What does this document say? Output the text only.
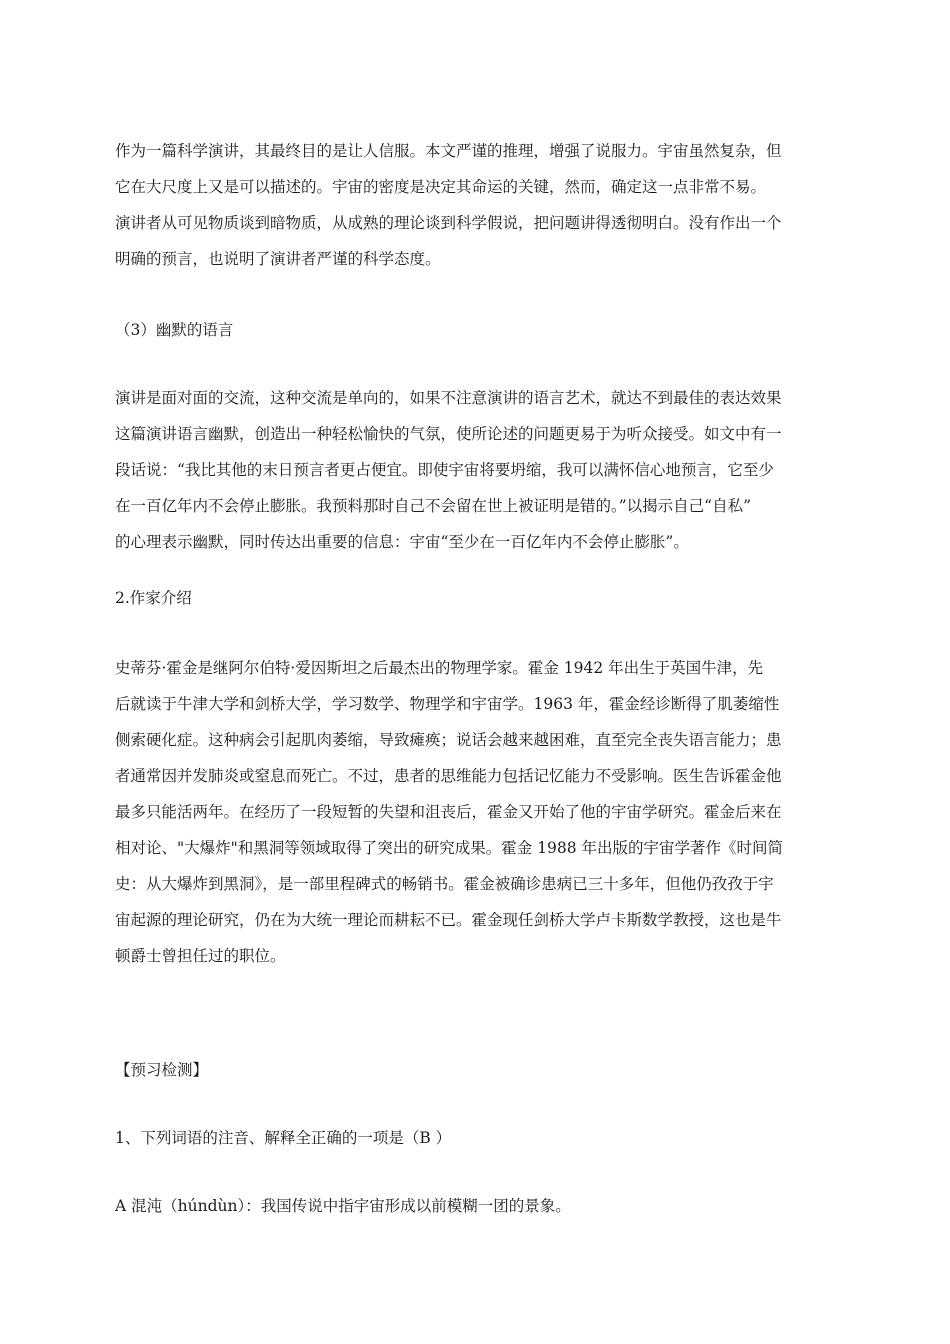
作为一篇科学演讲，其最终目的是让人信服。本文严谨的推理，增强了说服力。宇宙虽然复杂，但
它在大尺度上又是可以描述的。宇宙的密度是决定其命运的关键，然而，确定这一点非常不易。
演讲者从可见物质谈到暗物质，从成熟的理论谈到科学假说，把问题讲得透彻明白。没有作出一个
明确的预言，也说明了演讲者严谨的科学态度。
（3）幽默的语言
演讲是面对面的交流，这种交流是单向的，如果不注意演讲的语言艺术，就达不到最佳的表达效果
这篇演讲语言幽默，创造出一种轻松愉快的气氛，使所论述的问题更易于为听众接受。如文中有一
段话说：“我比其他的末日预言者更占便宜。即使宇宙将要坍缩，我可以满怀信心地预言，它至少
在一百亿年内不会停止膨胀。我预料那时自己不会留在世上被证明是错的。”以揭示自己“自私”
的心理表示幽默，同时传达出重要的信息：宇宙“至少在一百亿年内不会停止膨胀”。
2.作家介绍
史蒂芬·霍金是继阿尔伯特·爱因斯坦之后最杰出的物理学家。霍金 1942 年出生于英国牛津，先
后就读于牛津大学和剑桥大学，学习数学、物理学和宇宙学。1963 年，霍金经诊断得了肌萎缩性
侧索硬化症。这种病会引起肌肉萎缩，导致瘫痪；说话会越来越困难，直至完全丧失语言能力；患
者通常因并发肺炎或窒息而死亡。不过，患者的思维能力包括记忆能力不受影响。医生告诉霍金他
最多只能活两年。在经历了一段短暂的失望和沮丧后，霍金又开始了他的宇宙学研究。霍金后来在
相对论、"大爆炸"和黑洞等领域取得了突出的研究成果。霍金 1988 年出版的宇宙学著作《时间简
史：从大爆炸到黑洞》，是一部里程碑式的畅销书。霍金被确诊患病已三十多年，但他仍孜孜于宇
宙起源的理论研究，仍在为大统一理论而耕耘不已。霍金现任剑桥大学卢卡斯数学教授，这也是牛
顿爵士曾担任过的职位。
【预习检测】
1、下列词语的注音、解释全正确的一项是（B ）
A 混沌（húndùn）：我国传说中指宇宙形成以前模糊一团的景象。
